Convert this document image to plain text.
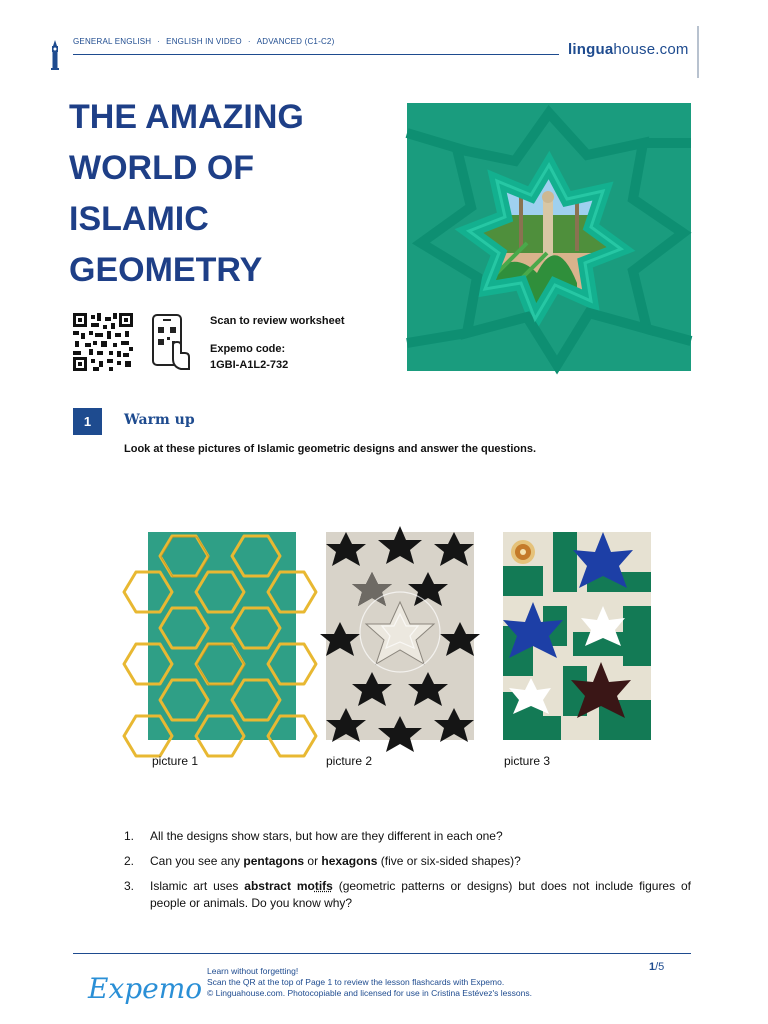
GENERAL ENGLISH · ENGLISH IN VIDEO · ADVANCED (C1-C2)	linguahouse.com
THE AMAZING
WORLD OF
ISLAMIC
GEOMETRY
Scan to review worksheet
Expemo code:
1GBI-A1L2-732
1	Warm up
Look at these pictures of Islamic geometric designs and answer the questions.
picture 1	picture 2	picture 3
1.	All the designs show stars, but how are they different in each one?
2.	Can you see any pentagons or hexagons (five or six-sided shapes)?
3.	Islamic art uses abstract motifs (geometric patterns or designs) but does not include figures of people or animals. Do you know why?
Expemo
Learn without forgetting!
Scan the QR at the top of Page 1 to review the lesson flashcards with Expemo.
© Linguahouse.com. Photocopiable and licensed for use in Cristina Estévez's lessons.
1/5
